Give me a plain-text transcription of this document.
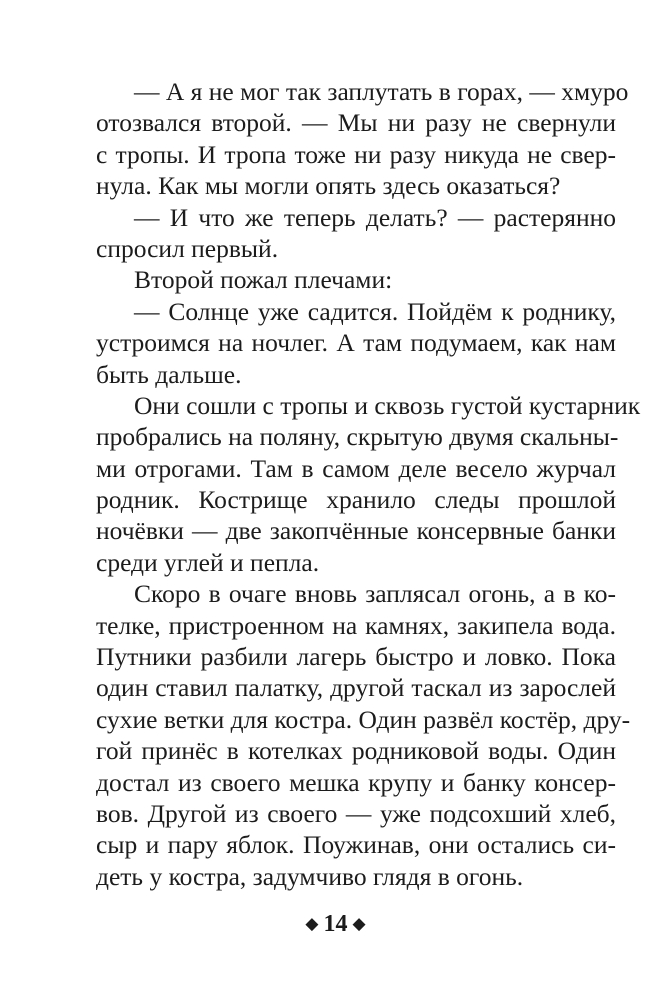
— А я не мог так заплутать в горах, — хмуро
отозвался второй. — Мы ни разу не свернули
с тропы. И тропа тоже ни разу никуда не свер-
нула. Как мы могли опять здесь оказаться?
— И что же теперь делать? — растерянно
спросил первый.
Второй пожал плечами:
— Солнце уже садится. Пойдём к роднику,
устроимся на ночлег. А там подумаем, как нам
быть дальше.
Они сошли с тропы и сквозь густой кустарник
пробрались на поляну, скрытую двумя скальны-
ми отрогами. Там в самом деле весело журчал
родник. Кострище хранило следы прошлой
ночёвки — две закопчённые консервные банки
среди углей и пепла.
Скоро в очаге вновь заплясал огонь, а в ко-
телке, пристроенном на камнях, закипела вода.
Путники разбили лагерь быстро и ловко. Пока
один ставил палатку, другой таскал из зарослей
сухие ветки для костра. Один развёл костёр, дру-
гой принёс в котелках родниковой воды. Один
достал из своего мешка крупу и банку консер-
вов. Другой из своего — уже подсохший хлеб,
сыр и пару яблок. Поужинав, они остались си-
деть у костра, задумчиво глядя в огонь.
◆ 14 ◆
